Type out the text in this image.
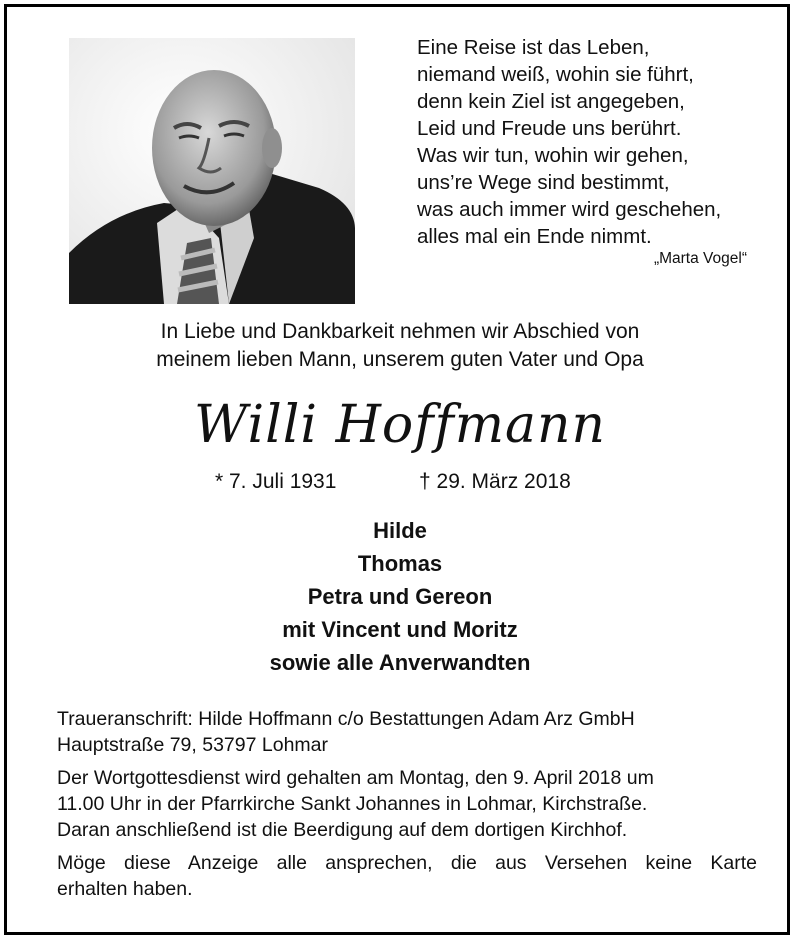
Eine Reise ist das Leben,
niemand weiß, wohin sie führt,
denn kein Ziel ist angegeben,
Leid und Freude uns berührt.
Was wir tun, wohin wir gehen,
uns’re Wege sind bestimmt,
was auch immer wird geschehen,
alles mal ein Ende nimmt.
„Marta Vogel“
In Liebe und Dankbarkeit nehmen wir Abschied von
meinem lieben Mann, unserem guten Vater und Opa
Willi Hoffmann
* 7. Juli 1931	† 29. März 2018
Hilde
Thomas
Petra und Gereon
mit Vincent und Moritz
sowie alle Anverwandten

Traueranschrift: Hilde Hoffmann c/o Bestattungen Adam Arz GmbH
Hauptstraße 79, 53797 Lohmar

Der Wortgottesdienst wird gehalten am Montag, den 9. April 2018 um
11.00 Uhr in der Pfarrkirche Sankt Johannes in Lohmar, Kirchstraße.
Daran anschließend ist die Beerdigung auf dem dortigen Kirchhof.

Möge diese Anzeige alle ansprechen, die aus Versehen keine Karte
erhalten haben.
